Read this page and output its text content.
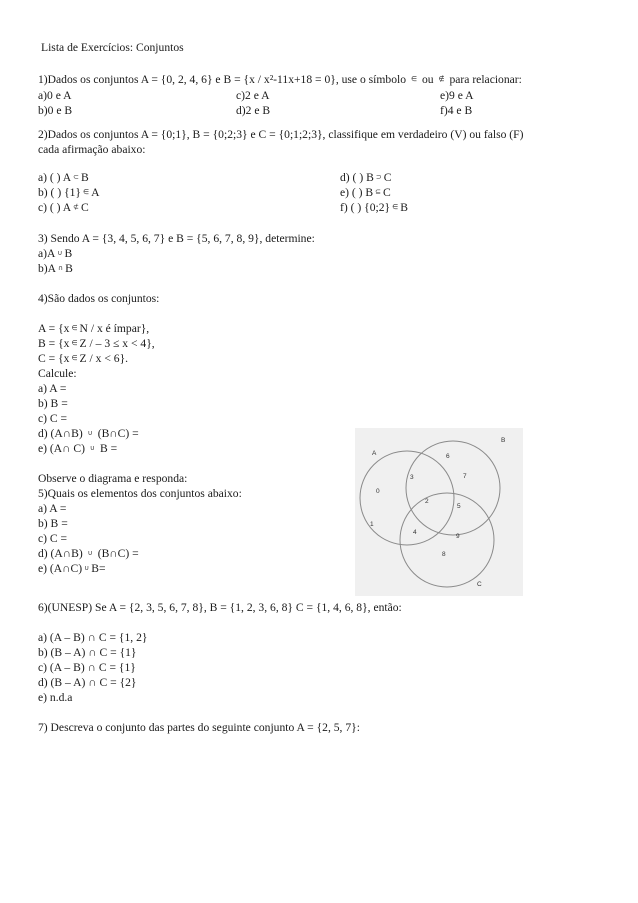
Lista de Exercícios: Conjuntos
1)Dados os conjuntos A = {0, 2, 4, 6} e B = {x / x²-11x+18 = 0}, use o símbolo ∈ ou ∉ para relacionar:
a)0 e A	c)2 e A	e)9 e A
b)0 e B	d)2 e B	f)4 e B
2)Dados os conjuntos A = {0;1}, B = {0;2;3} e C = {0;1;2;3}, classifique em verdadeiro (V) ou falso (F)
cada afirmação abaixo:
a) ( ) A ⊂ B
b) ( ) {1} ∈ A
c) ( ) A ⊄ C
d) ( ) B ⊃ C
e) ( ) B ⊆ C
f) ( ) {0;2} ∈ B
3) Sendo A = {3, 4, 5, 6, 7} e B = {5, 6, 7, 8, 9}, determine:
a)A ∪ B
b)A ∩ B
4)São dados os conjuntos:
A = {x ∈ N / x é ímpar},
B = {x ∈ Z / – 3 ≤ x < 4},
C = {x ∈ Z / x < 6}.
Calcule:
a) A =
b) B =
c) C =
d) (A∩B) ∪ (B∩C) =
e) (A∩ C) ∪ B =
Observe o diagrama e responda:
5)Quais os elementos dos conjuntos abaixo:
a) A =
b) B =
c) C =
d) (A∩B) ∪ (B∩C) =
e) (A∩C) ∪ B=
A
B
C
0
1
2
3
4
5
6
7
8
9
6)(UNESP) Se A = {2, 3, 5, 6, 7, 8}, B = {1, 2, 3, 6, 8} C = {1, 4, 6, 8}, então:
a) (A – B) ∩ C = {1, 2}
b) (B – A) ∩ C = {1}
c) (A – B) ∩ C = {1}
d) (B – A) ∩ C = {2}
e) n.d.a
7) Descreva o conjunto das partes do seguinte conjunto A = {2, 5, 7}:
